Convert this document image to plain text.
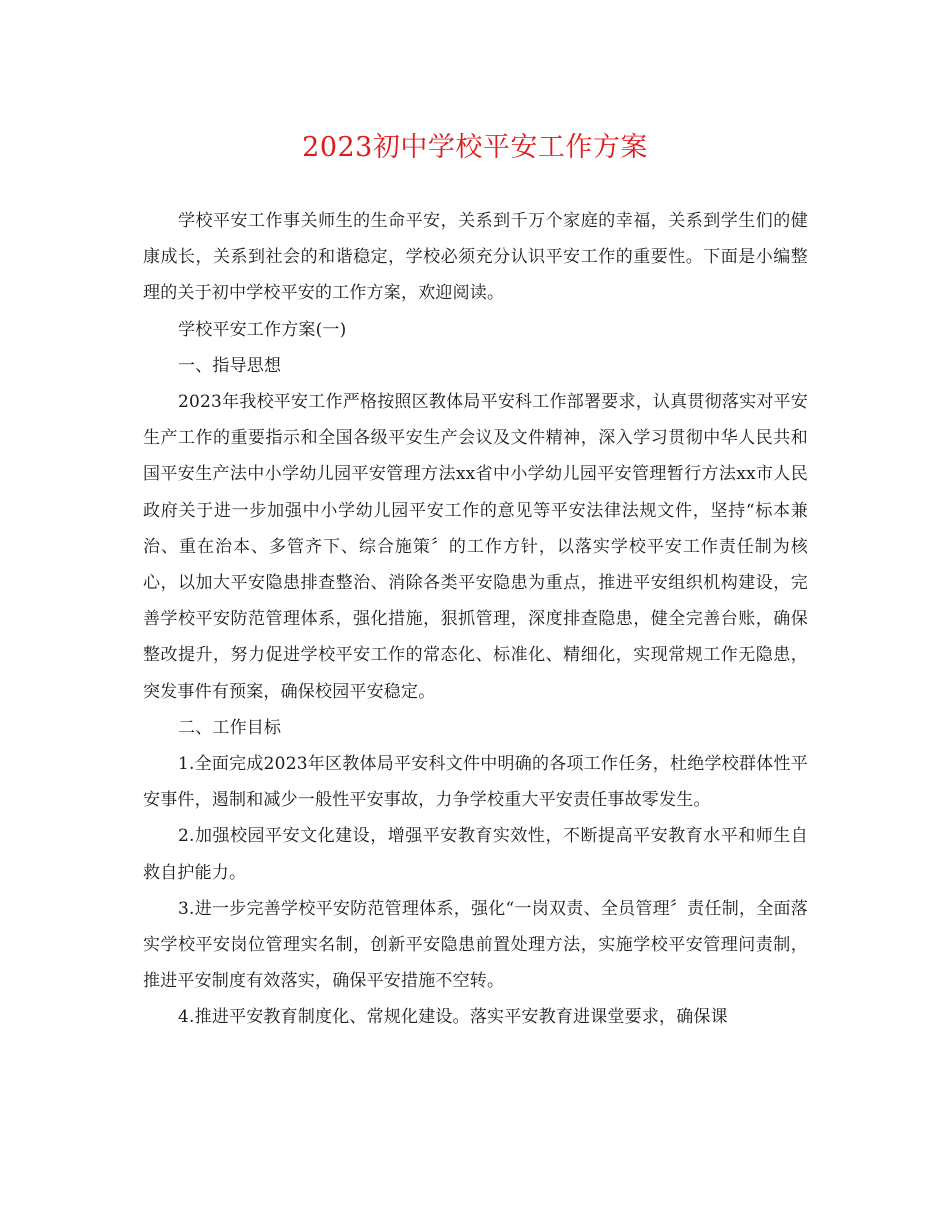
2023初中学校平安工作方案

学校平安工作事关师生的生命平安，关系到千万个家庭的幸福，关系到学生们的健康成长，关系到社会的和谐稳定，学校必须充分认识平安工作的重要性。下面是小编整理的关于初中学校平安的工作方案，欢迎阅读。

学校平安工作方案(一)

一、指导思想

2023年我校平安工作严格按照区教体局平安科工作部署要求，认真贯彻落实对平安生产工作的重要指示和全国各级平安生产会议及文件精神，深入学习贯彻中华人民共和国平安生产法中小学幼儿园平安管理方法xx省中小学幼儿园平安管理暂行方法xx市人民政府关于进一步加强中小学幼儿园平安工作的意见等平安法律法规文件，坚持“标本兼治、重在治本、多管齐下、综合施策〞的工作方针，以落实学校平安工作责任制为核心，以加大平安隐患排查整治、消除各类平安隐患为重点，推进平安组织机构建设，完善学校平安防范管理体系，强化措施，狠抓管理，深度排查隐患，健全完善台账，确保整改提升，努力促进学校平安工作的常态化、标准化、精细化，实现常规工作无隐患，突发事件有预案，确保校园平安稳定。

二、工作目标

1.全面完成2023年区教体局平安科文件中明确的各项工作任务，杜绝学校群体性平安事件，遏制和减少一般性平安事故，力争学校重大平安责任事故零发生。

2.加强校园平安文化建设，增强平安教育实效性，不断提高平安教育水平和师生自救自护能力。

3.进一步完善学校平安防范管理体系，强化“一岗双责、全员管理〞责任制，全面落实学校平安岗位管理实名制，创新平安隐患前置处理方法，实施学校平安管理问责制，推进平安制度有效落实，确保平安措施不空转。

4.推进平安教育制度化、常规化建设。落实平安教育进课堂要求，确保课
